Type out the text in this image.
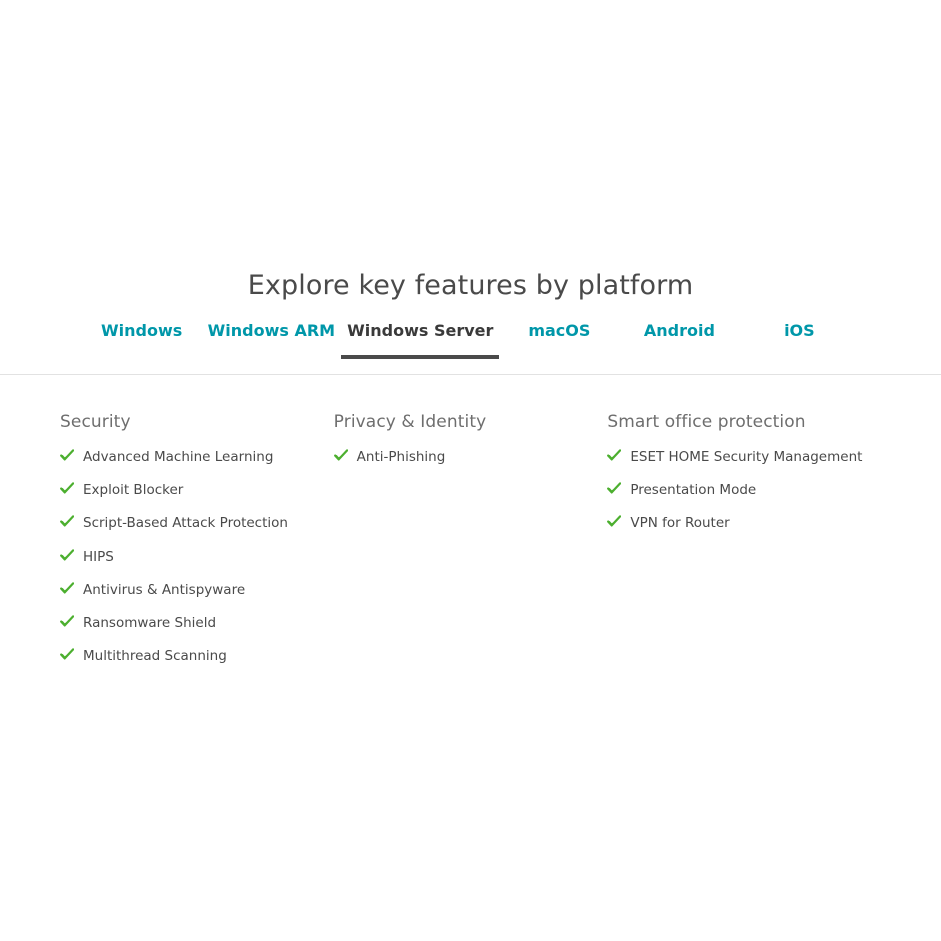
Explore key features by platform
Windows	Windows ARM Windows Server	macOS	Android	iOS
Security
Advanced Machine Learning
Exploit Blocker
Script-Based Attack Protection
HIPS
Antivirus & Antispyware
Ransomware Shield
Multithread Scanning
Privacy & Identity
Anti-Phishing
Smart office protection
ESET HOME Security Management
Presentation Mode
VPN for Router
